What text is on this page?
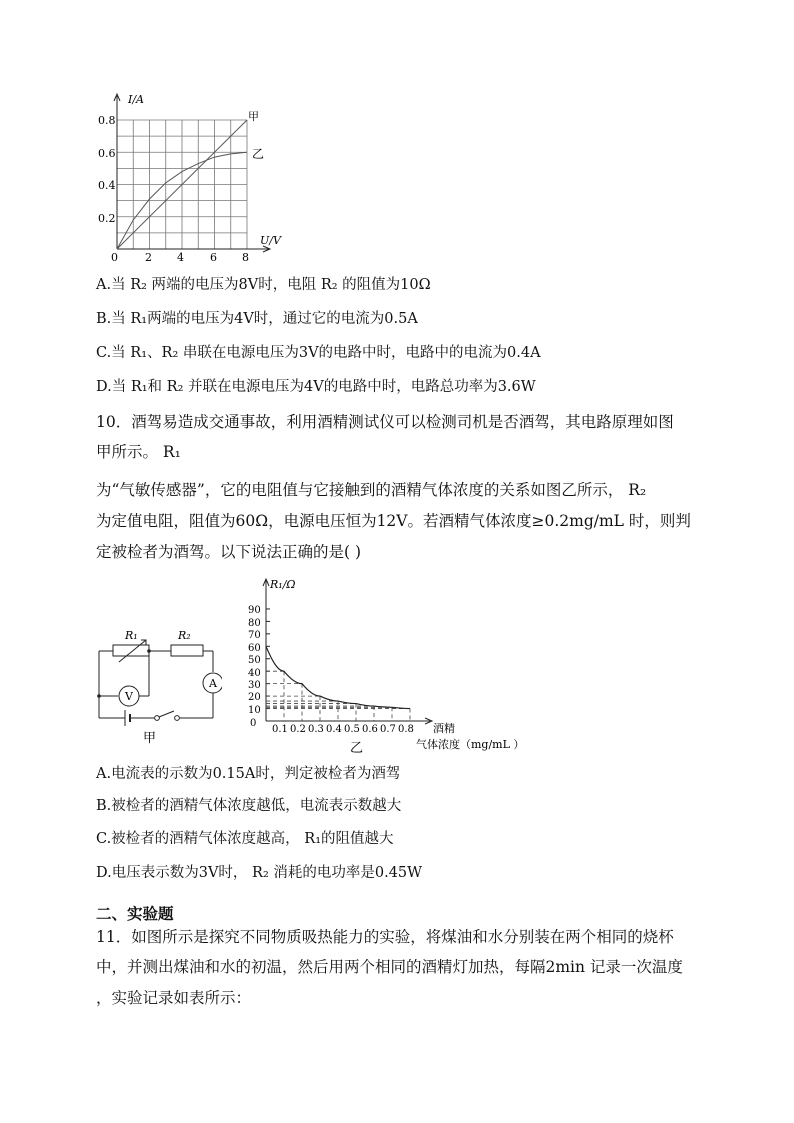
I/A
U/V
0
0.2
0.4
0.6
0.8
2 4 6 8
甲
乙
A.当 R₂ 两端的电压为8V时，电阻 R₂ 的阻值为10Ω
B.当 R₁两端的电压为4V时，通过它的电流为0.5A
C.当 R₁、R₂ 串联在电源电压为3V的电路中时，电路中的电流为0.4A
D.当 R₁和 R₂ 并联在电源电压为4V的电路中时，电路总功率为3.6W
10．酒驾易造成交通事故，利用酒精测试仪可以检测司机是否酒驾，其电路原理如图
甲所示。 R₁
为“气敏传感器”，它的电阻值与它接触到的酒精气体浓度的关系如图乙所示， R₂
为定值电阻，阻值为60Ω，电源电压恒为12V。若酒精气体浓度≥0.2mg/mL 时，则判
定被检者为酒驾。以下说法正确的是( )
R₁	R₂
A
V
甲
R₁/Ω
10
20
30
40
50
60
70
80
90
0
0.1 0.2 0.3 0.4 0.5 0.6 0.7 0.8 酒精
气体浓度（mg/mL ）
乙
A.电流表的示数为0.15A时，判定被检者为酒驾
B.被检者的酒精气体浓度越低，电流表示数越大
C.被检者的酒精气体浓度越高， R₁的阻值越大
D.电压表示数为3V时， R₂ 消耗的电功率是0.45W
二、实验题
11．如图所示是探究不同物质吸热能力的实验，将煤油和水分别装在两个相同的烧杯
中，并测出煤油和水的初温，然后用两个相同的酒精灯加热，每隔2min 记录一次温度
，实验记录如表所示：
